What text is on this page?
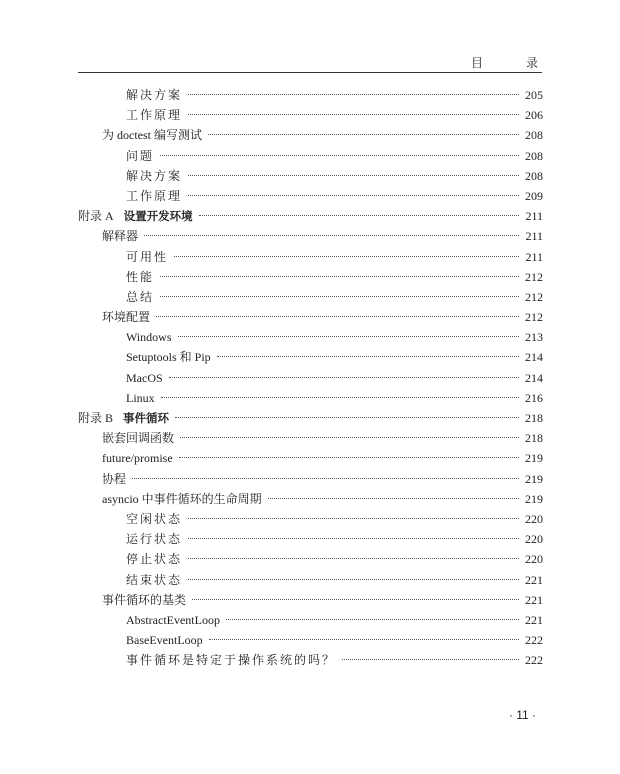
目 录
解决方案	205
工作原理	206
为 doctest 编写测试	208
问题	208
解决方案	208
工作原理	209
附录 A 设置开发环境	211
解释器	211
可用性	211
性能	212
总结	212
环境配置	212
Windows	213
Setuptools 和 Pip	214
MacOS	214
Linux	216
附录 B 事件循环	218
嵌套回调函数	218
future/promise	219
协程	219
asyncio 中事件循环的生命周期	219
空闲状态	220
运行状态	220
停止状态	220
结束状态	221
事件循环的基类	221
AbstractEventLoop	221
BaseEventLoop	222
事件循环是特定于操作系统的吗？	222
· 11 ·
